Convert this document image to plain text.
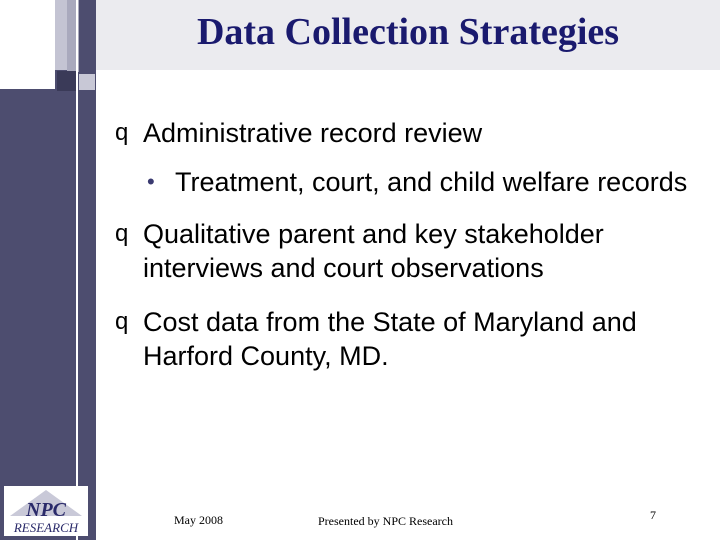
Data Collection Strategies
q Administrative record review
• Treatment, court, and child welfare records
q Qualitative parent and key stakeholder interviews and court observations
q Cost data from the State of Maryland and Harford County, MD.
NPC
RESEARCH	May 2008	Presented by NPC Research	7
